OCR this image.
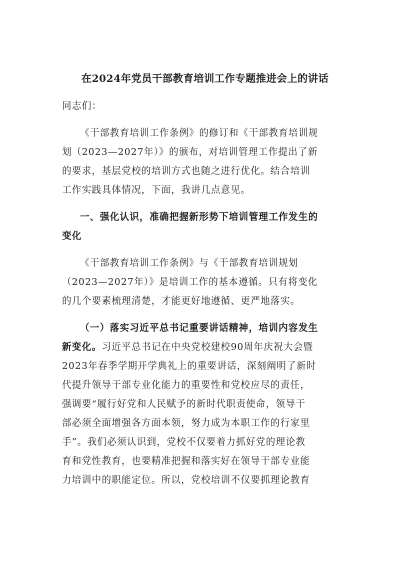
在2024年党员干部教育培训工作专题推进会上的讲话
同志们：
《干部教育培训工作条例》的修订和《干部教育培训规
划（2023—2027年）》的颁布，对培训管理工作提出了新
的要求，基层党校的培训方式也随之进行优化。结合培训
工作实践具体情况，下面，我讲几点意见。
一、强化认识，准确把握新形势下培训管理工作发生的
变化
《干部教育培训工作条例》与《干部教育培训规划
（2023—2027年）》是培训工作的基本遵循。只有将变化
的几个要素梳理清楚，才能更好地遵循、更严地落实。
（一）落实习近平总书记重要讲话精神，培训内容发生
新变化。习近平总书记在中央党校建校90周年庆祝大会暨
2023年春季学期开学典礼上的重要讲话，深刻阐明了新时
代提升领导干部专业化能力的重要性和党校应尽的责任，
强调要“履行好党和人民赋予的新时代职责使命，领导干
部必须全面增强各方面本领，努力成为本职工作的行家里
手”。我们必须认识到，党校不仅要着力抓好党的理论教
育和党性教育，也要精准把握和落实好在领导干部专业能
力培训中的职能定位。所以，党校培训不仅要抓理论教育
